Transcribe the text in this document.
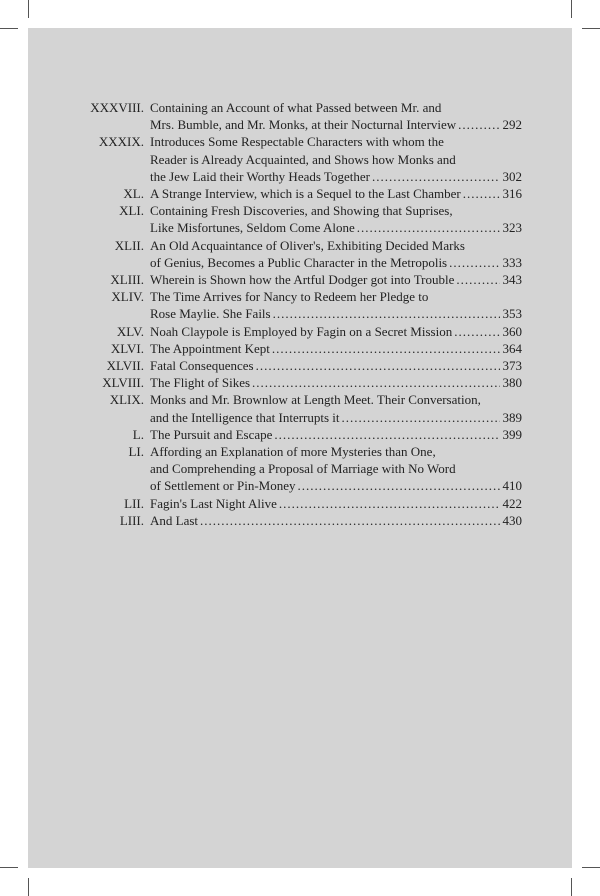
XXXVIII. Containing an Account of what Passed between Mr. and
Mrs. Bumble, and Mr. Monks, at their Nocturnal Interview .....	292
XXXIX. Introduces Some Respectable Characters with whom the
Reader is Already Acquainted, and Shows how Monks and
the Jew Laid their Worthy Heads Together .....	302
XL. A Strange Interview, which is a Sequel to the Last Chamber .....	316
XLI. Containing Fresh Discoveries, and Showing that Suprises,
Like Misfortunes, Seldom Come Alone .....	323
XLII. An Old Acquaintance of Oliver's, Exhibiting Decided Marks
of Genius, Becomes a Public Character in the Metropolis .....	333
XLIII. Wherein is Shown how the Artful Dodger got into Trouble .....	343
XLIV. The Time Arrives for Nancy to Redeem her Pledge to
Rose Maylie. She Fails .....	353
XLV. Noah Claypole is Employed by Fagin on a Secret Mission .....	360
XLVI. The Appointment Kept .....	364
XLVII. Fatal Consequences .....	373
XLVIII. The Flight of Sikes .....	380
XLIX. Monks and Mr. Brownlow at Length Meet. Their Conversation,
and the Intelligence that Interrupts it .....	389
L. The Pursuit and Escape .....	399
LI. Affording an Explanation of more Mysteries than One,
and Comprehending a Proposal of Marriage with No Word
of Settlement or Pin-Money .....	410
LII. Fagin's Last Night Alive .....	422
LIII. And Last .....	430
